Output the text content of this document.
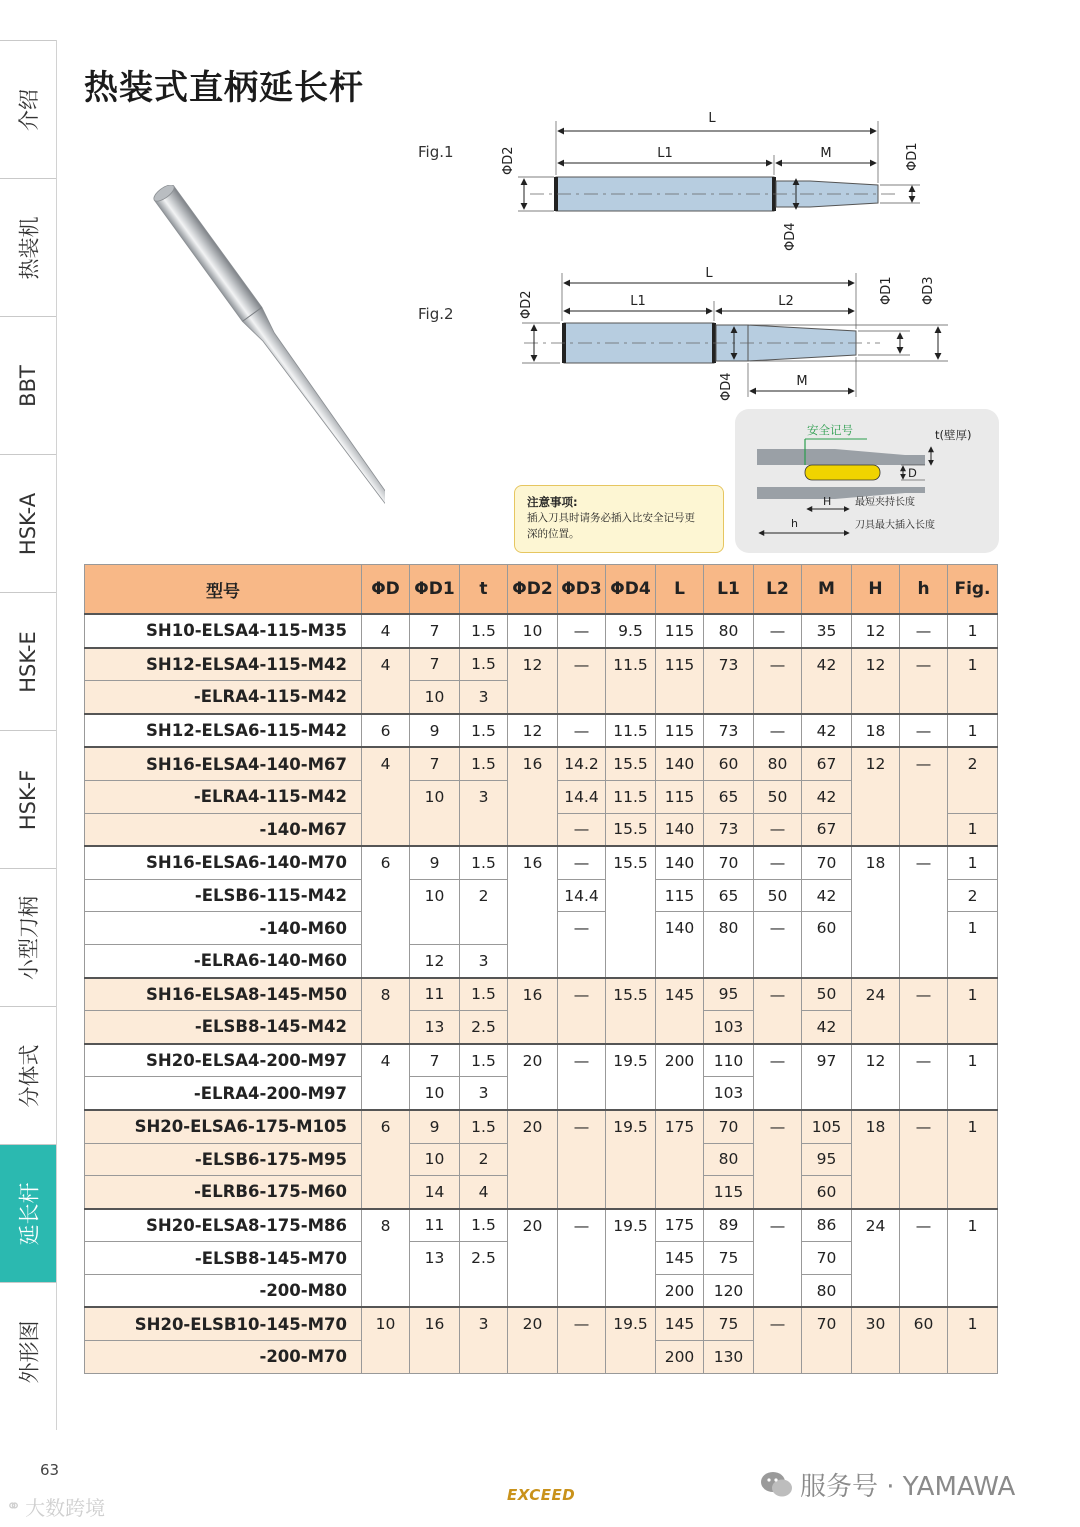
介绍
热装机
BBT
HSK-A
HSK-E
HSK-F
小型刀柄
分体式
延长杆
外形图
热装式直柄延长杆
Fig.1
Fig.2
L
L1	M
ΦD2	ΦD1
ΦD4
L
L1	L2
ΦD2	ΦD1 ΦD3
ΦD4	M
安全记号	t(壁厚)
D
H 最短夹持长度
h	刀具最大插入长度
注意事项:
插入刀具时请务必插入比安全记号更
深的位置。
型号	ΦD	ΦD1	t	ΦD2	ΦD3	ΦD4	L	L1	L2	M	H	h	Fig.
SH10-ELSA4-115-M35	4	7	1.5	10	—	9.5	115	80	—	35	12	—	1
SH12-ELSA4-115-M42	4	7	1.5	12	—	11.5	115	73	—	42	12	—	1
-ELRA4-115-M42		10	3										
SH12-ELSA6-115-M42	6	9	1.5	12	—	11.5	115	73	—	42	18	—	1
SH16-ELSA4-140-M67	4	7	1.5	16	14.2	15.5	140	60	80	67	12	—	2
-ELRA4-115-M42		10	3		14.4	11.5	115	65	50	42			
-140-M67					—	15.5	140	73	—	67			1
SH16-ELSA6-140-M70	6	9	1.5	16	—	15.5	140	70	—	70	18	—	1
-ELSB6-115-M42		10	2		14.4		115	65	50	42			2
-140-M60					—		140	80	—	60			1
-ELRA6-140-M60		12	3										
SH16-ELSA8-145-M50	8	11	1.5	16	—	15.5	145	95	—	50	24	—	1
-ELSB8-145-M42		13	2.5					103		42			
SH20-ELSA4-200-M97	4	7	1.5	20	—	19.5	200	110	—	97	12	—	1
-ELRA4-200-M97		10	3					103					
SH20-ELSA6-175-M105	6	9	1.5	20	—	19.5	175	70	—	105	18	—	1
-ELSB6-175-M95		10	2					80		95			
-ELRB6-175-M60		14	4					115		60			
SH20-ELSA8-175-M86	8	11	1.5	20	—	19.5	175	89	—	86	24	—	1
-ELSB8-145-M70		13	2.5				145	75		70			
-200-M80							200	120		80			
SH20-ELSB10-145-M70	10	16	3	20	—	19.5	145	75	—	70	30	60	1
-200-M70							200	130					
63
EXCEED	服务号 · YAMAWA
⚭ 大数跨境
